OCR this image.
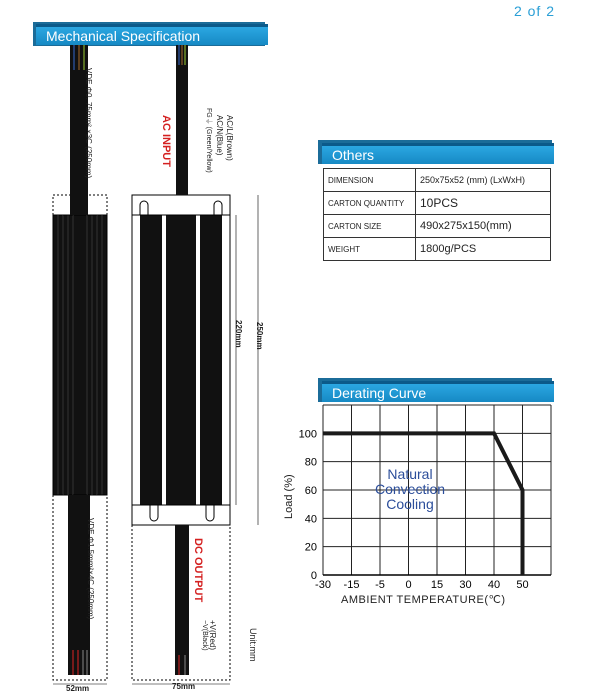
2 of 2
Mechanical Specification
VDE Φ0. 75mm² ×3C (250mm)	AC INPUT	AC/L(Brown)
AC/N(Blue)
FG⏚ (Green/Yellow)
VDE Φ1.5mm²×4C (250mm)	DC OUTPUT
+V(Red)
−V(Black)
250mm
220mm
Unit:mm
52mm	75mm
Others
DIMENSION	250x75x52 (mm) (LxWxH)
CARTON QUANTITY	10PCS
CARTON SIZE	490x275x150(mm)
WEIGHT	1800g/PCS
Derating Curve
0
20
40
60
80
100
-30 -15 -5 0 15 30 40 50
Natural
Convection
Cooling
AMBIENT TEMPERATURE(℃)
Load (%)
